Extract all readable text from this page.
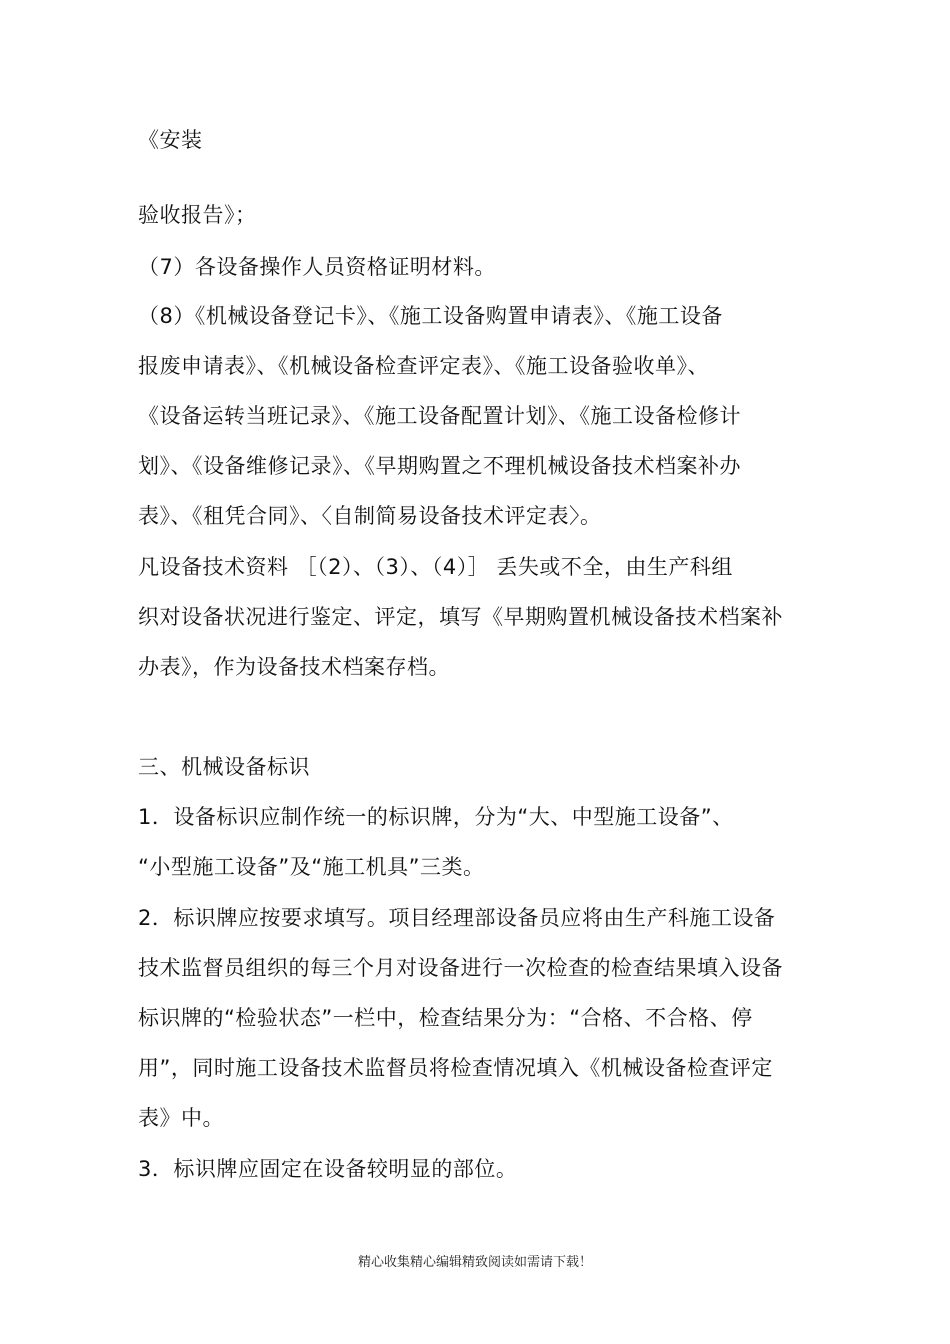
《安装
验收报告》；
（7）各设备操作人员资格证明材料。
（8）《机械设备登记卡》、《施工设备购置申请表》、《施工设备
报废申请表》、《机械设备检查评定表》、《施工设备验收单》、
《设备运转当班记录》、《施工设备配置计划》、《施工设备检修计
划》、《设备维修记录》、《早期购置之不理机械设备技术档案补办
表》、《租凭合同》、〈自制简易设备技术评定表〉。
凡设备技术资料 ［（2）、（3）、（4）］ 丢失或不全，由生产科组
织对设备状况进行鉴定、评定，填写《早期购置机械设备技术档案补
办表》，作为设备技术档案存档。
三、机械设备标识
1．设备标识应制作统一的标识牌，分为“大、中型施工设备”、
“小型施工设备”及“施工机具”三类。
2．标识牌应按要求填写。项目经理部设备员应将由生产科施工设备
技术监督员组织的每三个月对设备进行一次检查的检查结果填入设备
标识牌的“检验状态”一栏中，检查结果分为：“合格、不合格、停
用”，同时施工设备技术监督员将检查情况填入《机械设备检查评定
表》中。
3．标识牌应固定在设备较明显的部位。
精心收集精心编辑精致阅读如需请下载！
